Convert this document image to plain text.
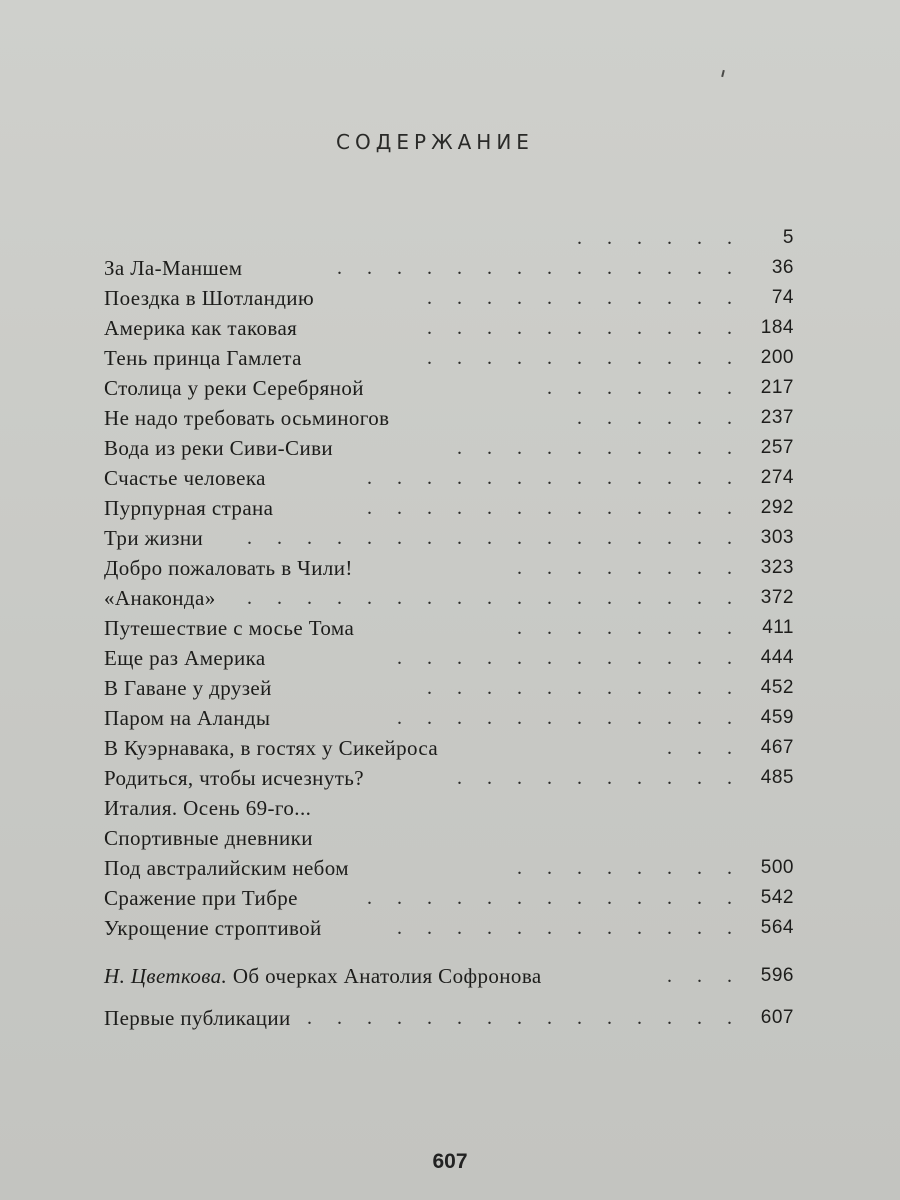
СОДЕРЖАНИЕ
. . . . . . 5
За Ла-Маншем	. . . . . . . . . . . . . . 36
Поездка в Шотландию	. . . . . . . . . . . 74
Америка как таковая	. . . . . . . . . . . 184
Тень принца Гамлета	. . . . . . . . . . . 200
Столица у реки Серебряной	. . . . . . . 217
Не надо требовать осьминогов	. . . . . . 237
Вода из реки Сиви-Сиви	. . . . . . . . . . 257
Счастье человека	. . . . . . . . . . . . . 274
Пурпурная страна	. . . . . . . . . . . . . 292
Три жизни . . . . . . . . . . . . . . . . . 303
Добро пожаловать в Чили!	. . . . . . . . 323
«Анаконда» . . . . . . . . . . . . . . . . . 372
Путешествие с мосье Тома	. . . . . . . . 411
Еще раз Америка	. . . . . . . . . . . . 444
В Гаване у друзей	. . . . . . . . . . . 452
Паром на Аланды	. . . . . . . . . . . . 459
В Куэрнавака, в гостях у Сикейроса	. . . 467
Родиться, чтобы исчезнуть?	. . . . . . . . . . 485
Италия. Осень 69-го...
Спортивные дневники
Под австралийским небом	. . . . . . . . 500
Сражение при Тибре	. . . . . . . . . . . . . 542
Укрощение строптивой	. . . . . . . . . . . . 564
Н. Цветкова. Об очерках Анатолия Софронова	. . . 596
Первые публикации . . . . . . . . . . . . . . . 607
607
